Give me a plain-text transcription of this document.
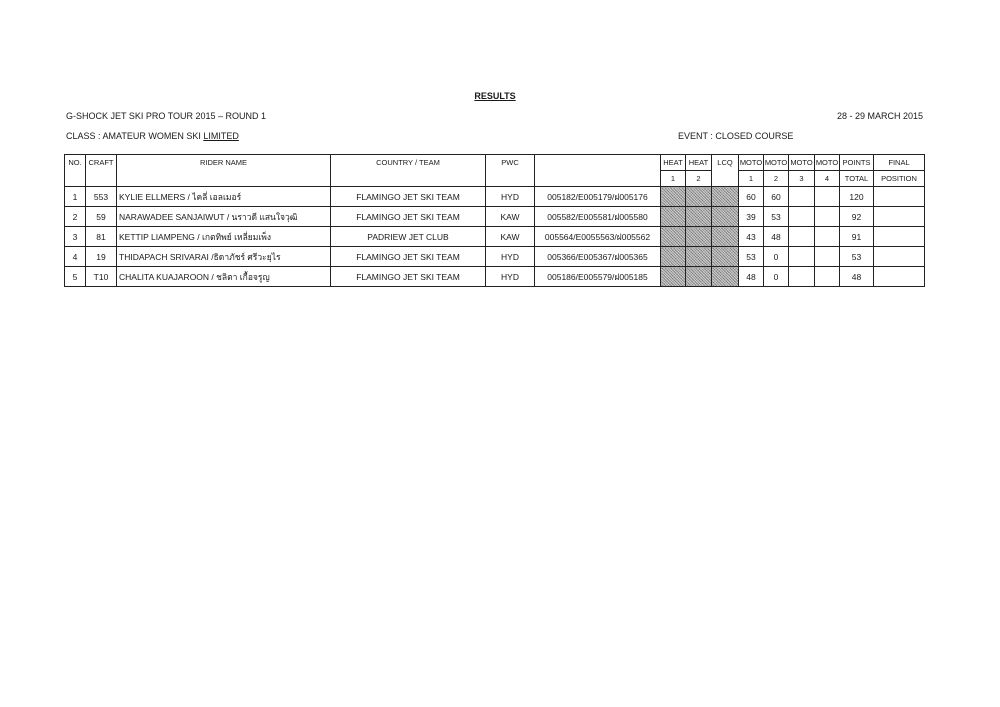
RESULTS
G-SHOCK JET SKI PRO TOUR 2015 – ROUND 1	28 - 29 MARCH 2015
CLASS : AMATEUR WOMEN SKI LIMITED	EVENT : CLOSED COURSE
NO.	CRAFT	RIDER NAME	COUNTRY / TEAM	PWC		HEAT	HEAT	LCQ	MOTO	MOTO	MOTO	MOTO	POINTS	FINAL
						1	2		1	2	3	4	TOTAL	POSITION
1	553	KYLIE ELLMERS / ไคลี่ เอลเมอร์	FLAMINGO JET SKI TEAM	HYD	005182/E005179/ฝ005176				60	60			120	
2	59	NARAWADEE SANJAIWUT / นราวดี แสนใจวุฒิ	FLAMINGO JET SKI TEAM	KAW	005582/E005581/ฝ005580				39	53			92	
3	81	KETTIP LIAMPENG / เกตทิพย์ เหลี่ยมเพ็ง	PADRIEW JET CLUB	KAW	005564/E0055563/ฝ005562				43	48			91	
4	19	THIDAPACH SRIVARAI /ธิดาภัชร์ ศรีวะยุไร	FLAMINGO JET SKI TEAM	HYD	005366/E005367/ฝ005365				53	0			53	
5	T10	CHALITA KUAJAROON / ชลิตา เกื้อจรูญ	FLAMINGO JET SKI TEAM	HYD	005186/E005579/ฝ005185				48	0			48	
